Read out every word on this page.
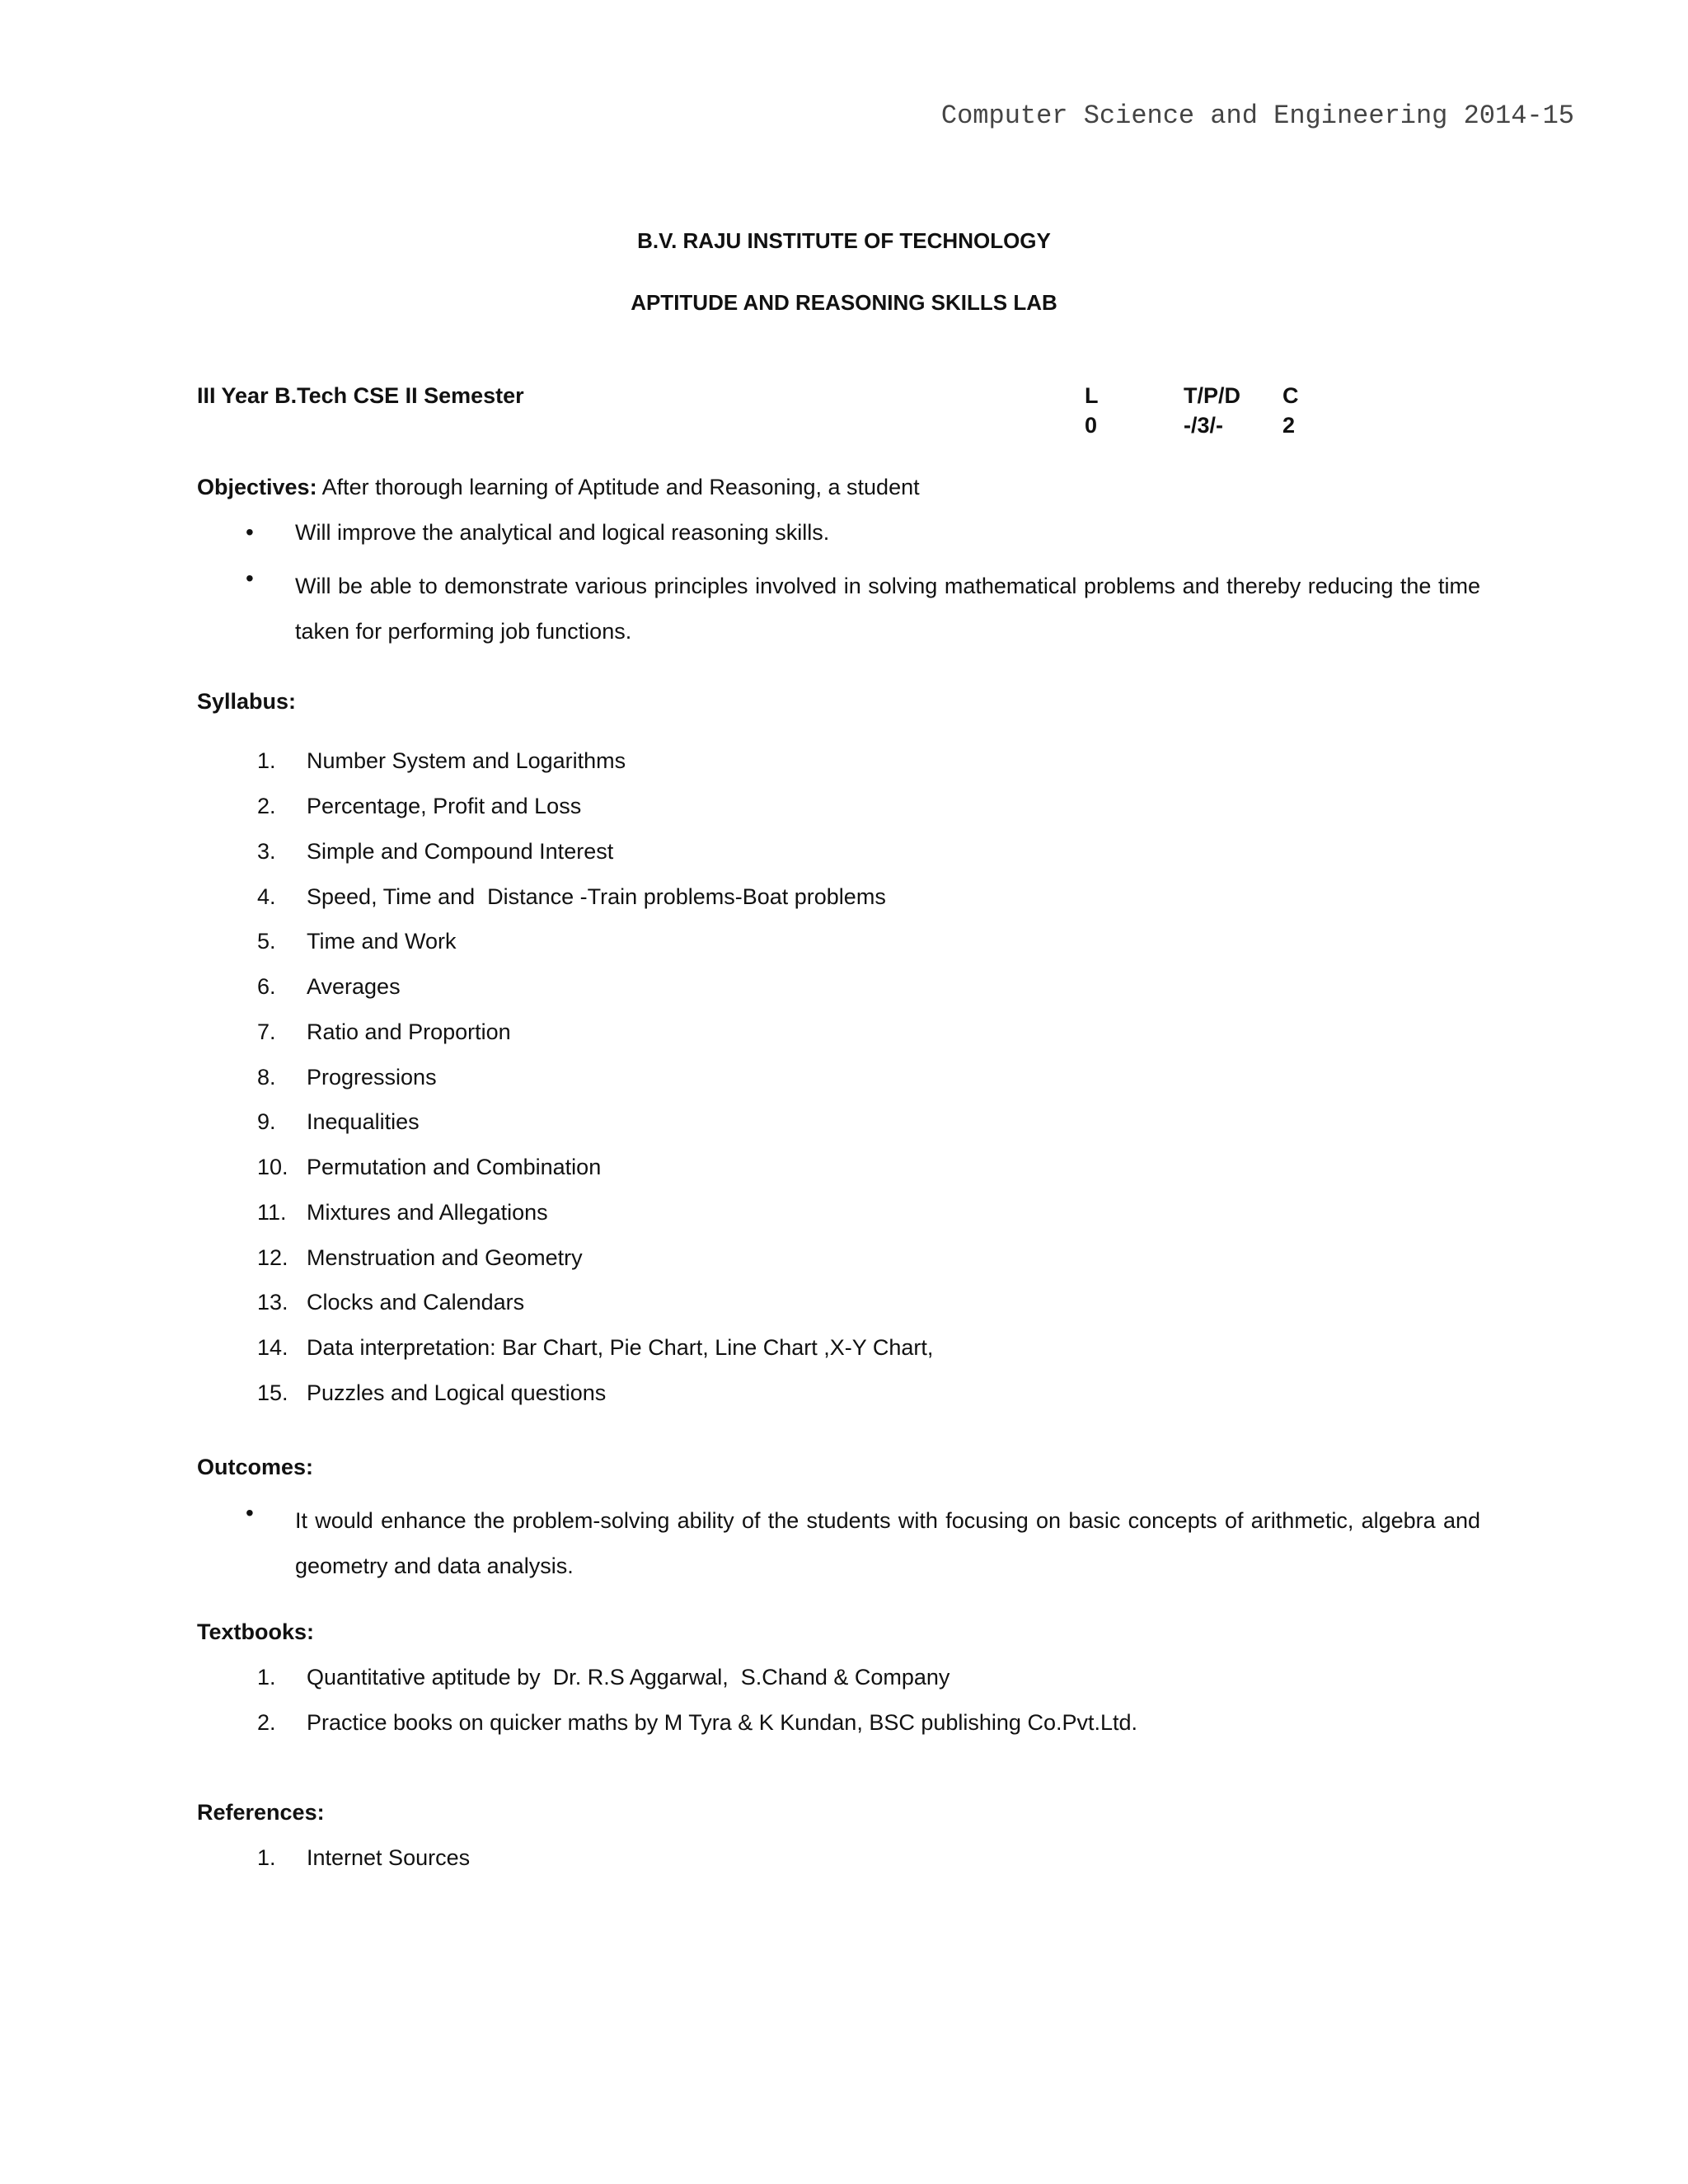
Computer Science and Engineering 2014-15
B.V. RAJU INSTITUTE OF TECHNOLOGY
APTITUDE AND REASONING SKILLS LAB
III Year B.Tech CSE II Semester	L	T/P/D C
0	-/3/-	2
Objectives: After thorough learning of Aptitude and Reasoning, a student
• Will improve the analytical and logical reasoning skills.
• Will be able to demonstrate various principles involved in solving mathematical problems and thereby reducing the time taken for performing job functions.
Syllabus:
1. Number System and Logarithms
2. Percentage, Profit and Loss
3. Simple and Compound Interest
4. Speed, Time and  Distance -Train problems-Boat problems
5. Time and Work
6. Averages
7. Ratio and Proportion
8. Progressions
9. Inequalities
10. Permutation and Combination
11. Mixtures and Allegations
12. Menstruation and Geometry
13. Clocks and Calendars
14. Data interpretation: Bar Chart, Pie Chart, Line Chart ,X-Y Chart,
15. Puzzles and Logical questions
Outcomes:
• It would enhance the problem-solving ability of the students with focusing on basic concepts of arithmetic, algebra and geometry and data analysis.
Textbooks:
1. Quantitative aptitude by  Dr. R.S Aggarwal,  S.Chand & Company
2. Practice books on quicker maths by M Tyra & K Kundan, BSC publishing Co.Pvt.Ltd.
References:
1. Internet Sources
